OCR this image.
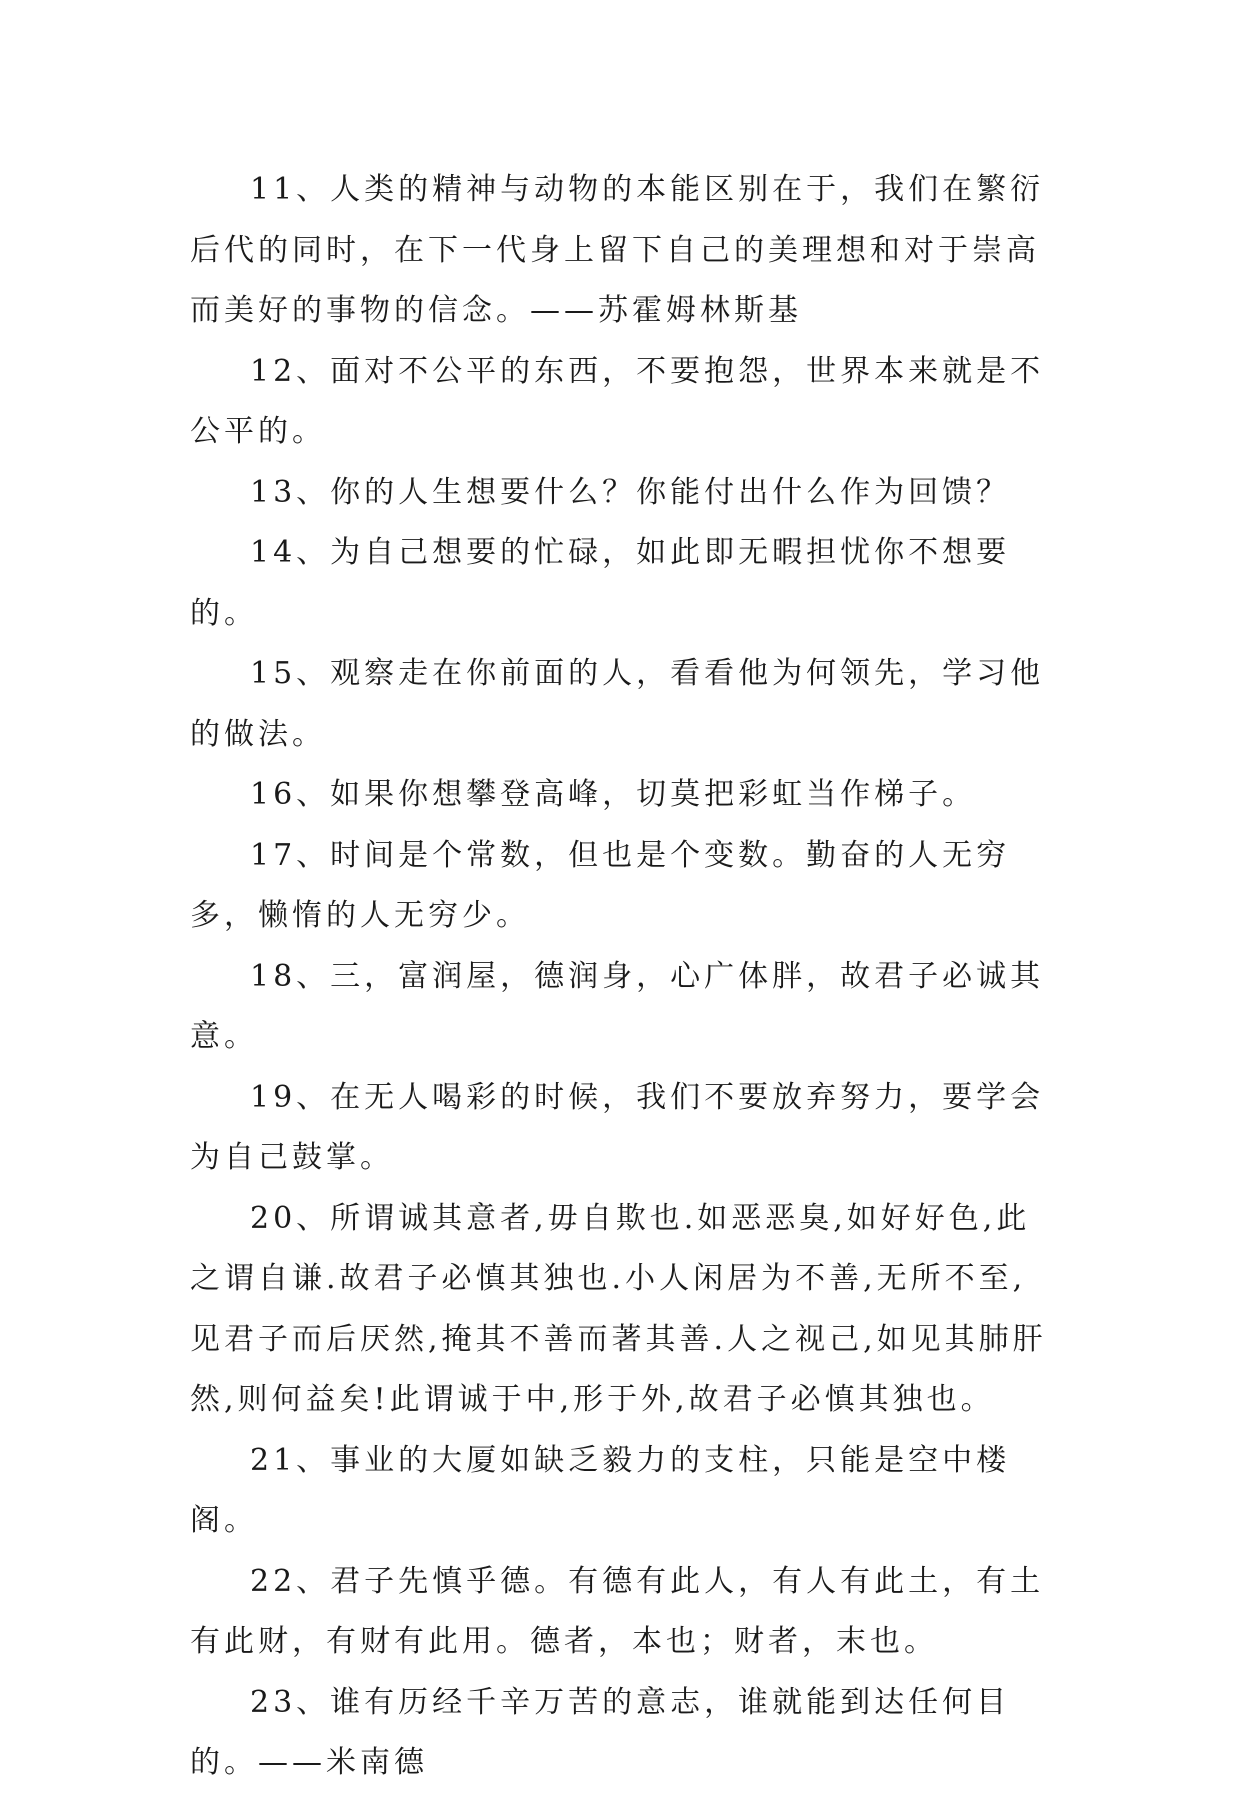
11、人类的精神与动物的本能区别在于，我们在繁衍后代的同时，在下一代身上留下自己的美理想和对于崇高而美好的事物的信念。——苏霍姆林斯基

12、面对不公平的东西，不要抱怨，世界本来就是不公平的。

13、你的人生想要什么？你能付出什么作为回馈？

14、为自己想要的忙碌，如此即无暇担忧你不想要的。

15、观察走在你前面的人，看看他为何领先，学习他的做法。

16、如果你想攀登高峰，切莫把彩虹当作梯子。

17、时间是个常数，但也是个变数。勤奋的人无穷多，懒惰的人无穷少。

18、三，富润屋，德润身，心广体胖，故君子必诚其意。

19、在无人喝彩的时候，我们不要放弃努力，要学会为自己鼓掌。

20、所谓诚其意者,毋自欺也.如恶恶臭,如好好色,此之谓自谦.故君子必慎其独也.小人闲居为不善,无所不至,见君子而后厌然,掩其不善而著其善.人之视己,如见其肺肝然,则何益矣!此谓诚于中,形于外,故君子必慎其独也。

21、事业的大厦如缺乏毅力的支柱，只能是空中楼阁。

22、君子先慎乎德。有德有此人，有人有此土，有土有此财，有财有此用。德者，本也；财者，末也。

23、谁有历经千辛万苦的意志，谁就能到达任何目的。——米南德
